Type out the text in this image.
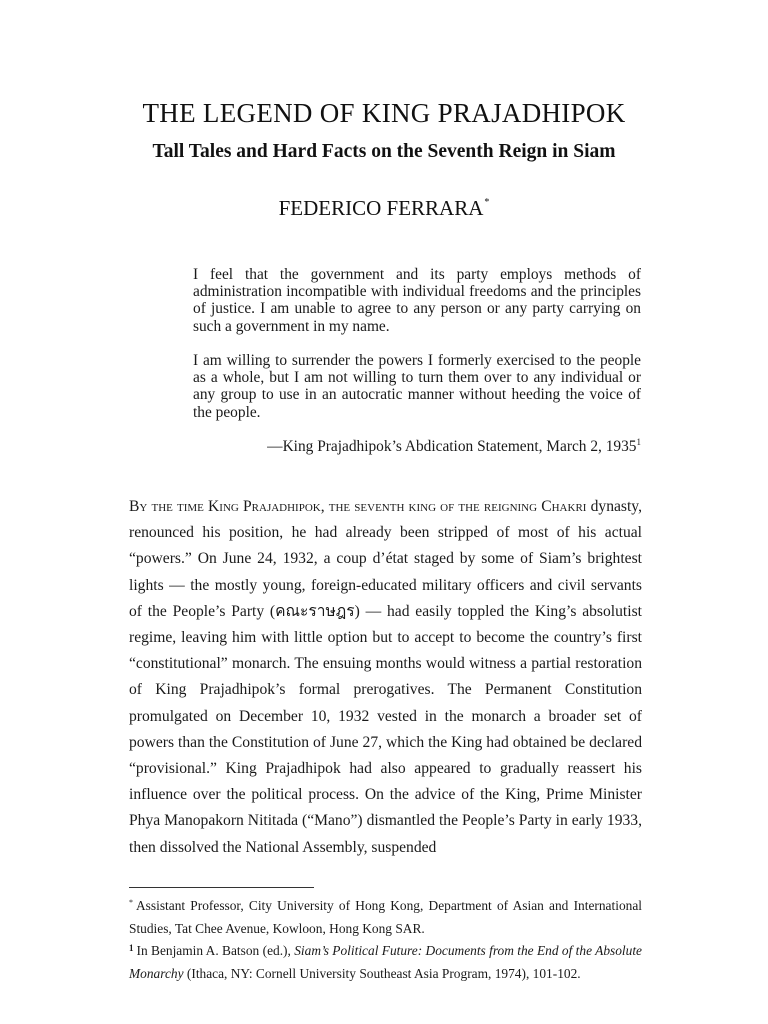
THE LEGEND OF KING PRAJADHIPOK
Tall Tales and Hard Facts on the Seventh Reign in Siam
FEDERICO FERRARA*
I feel that the government and its party employs methods of administration incompatible with individual freedoms and the principles of justice. I am unable to agree to any person or any party carrying on such a government in my name.
I am willing to surrender the powers I formerly exercised to the people as a whole, but I am not willing to turn them over to any individual or any group to use in an autocratic manner without heeding the voice of the people.
—King Prajadhipok’s Abdication Statement, March 2, 1935$^1$
By the time King Prajadhipok, the seventh king of the reigning Chakri dynasty, renounced his position, he had already been stripped of most of his actual “powers.” On June 24, 1932, a coup d’état staged by some of Siam’s brightest lights — the mostly young, foreign-educated military officers and civil servants of the People’s Party (คณะราษฎร) — had easily toppled the King’s absolutist regime, leaving him with little option but to accept to become the country’s first “constitutional” monarch. The ensuing months would witness a partial restoration of King Prajadhipok’s formal prerogatives. The Permanent Constitution promulgated on December 10, 1932 vested in the monarch a broader set of powers than the Constitution of June 27, which the King had obtained be declared “provisional.” King Prajadhipok had also appeared to gradually reassert his influence over the political process. On the advice of the King, Prime Minister Phya Manopakorn Nititada (“Mano”) dismantled the People’s Party in early 1933, then dissolved the National Assembly, suspended
* Assistant Professor, City University of Hong Kong, Department of Asian and International Studies, Tat Chee Avenue, Kowloon, Hong Kong SAR.
$^1$ In Benjamin A. Batson (ed.), Siam’s Political Future: Documents from the End of the Absolute Monarchy (Ithaca, NY: Cornell University Southeast Asia Program, 1974), 101-102.
